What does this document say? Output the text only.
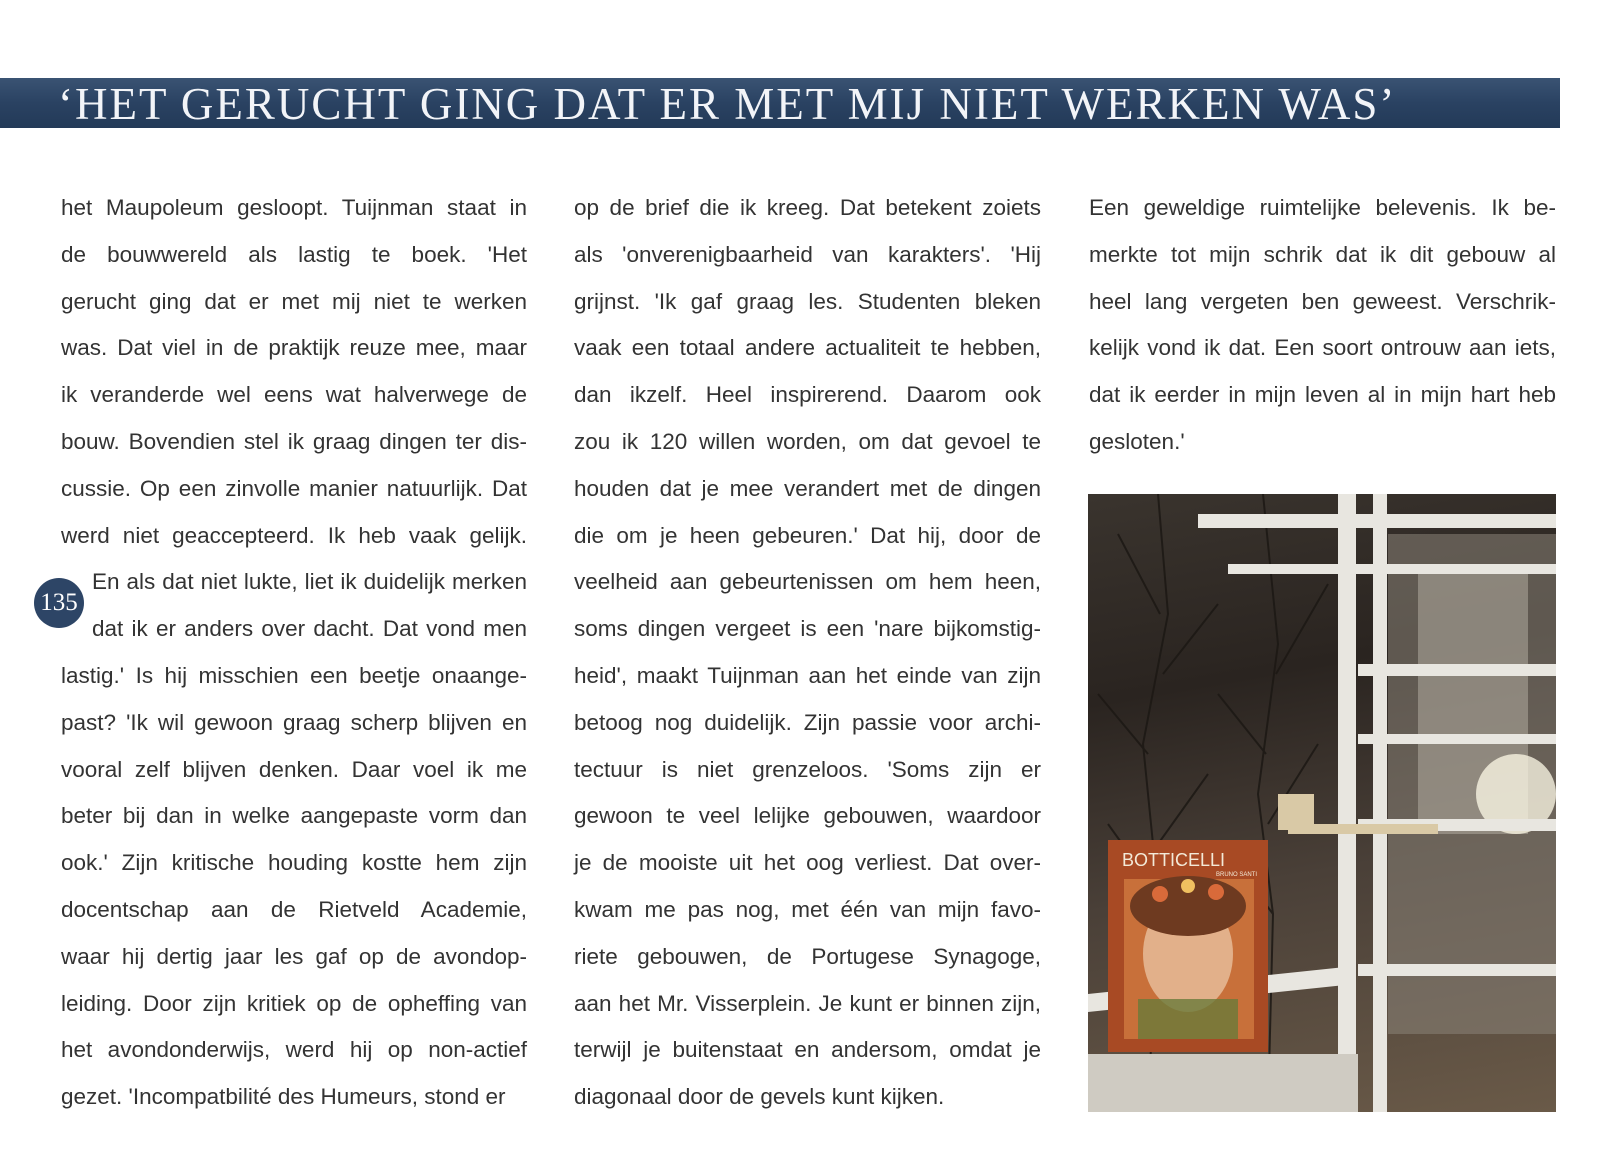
‘HET GERUCHT GING DAT ER MET MIJ NIET WERKEN WAS’
het Maupoleum gesloopt. Tuijnman staat in
de bouwwereld als lastig te boek. 'Het
gerucht ging dat er met mij niet te werken
was. Dat viel in de praktijk reuze mee, maar
ik veranderde wel eens wat halverwege de
bouw. Bovendien stel ik graag dingen ter dis-
cussie. Op een zinvolle manier natuurlijk. Dat
werd niet geaccepteerd. Ik heb vaak gelijk.
En als dat niet lukte, liet ik duidelijk merken
dat ik er anders over dacht. Dat vond men
lastig.' Is hij misschien een beetje onaange-
past? 'Ik wil gewoon graag scherp blijven en
vooral zelf blijven denken. Daar voel ik me
beter bij dan in welke aangepaste vorm dan
ook.' Zijn kritische houding kostte hem zijn
docentschap aan de Rietveld Academie,
waar hij dertig jaar les gaf op de avondop-
leiding. Door zijn kritiek op de opheffing van
het avondonderwijs, werd hij op non-actief
gezet. 'Incompatbilité des Humeurs, stond er
op de brief die ik kreeg. Dat betekent zoiets
als 'onverenigbaarheid van karakters'. 'Hij
grijnst. 'Ik gaf graag les. Studenten bleken
vaak een totaal andere actualiteit te hebben,
dan ikzelf. Heel inspirerend. Daarom ook
zou ik 120 willen worden, om dat gevoel te
houden dat je mee verandert met de dingen
die om je heen gebeuren.' Dat hij, door de
veelheid aan gebeurtenissen om hem heen,
soms dingen vergeet is een 'nare bijkomstig-
heid', maakt Tuijnman aan het einde van zijn
betoog nog duidelijk. Zijn passie voor archi-
tectuur is niet grenzeloos. 'Soms zijn er
gewoon te veel lelijke gebouwen, waardoor
je de mooiste uit het oog verliest. Dat over-
kwam me pas nog, met één van mijn favo-
riete gebouwen, de Portugese Synagoge,
aan het Mr. Visserplein. Je kunt er binnen zijn,
terwijl je buitenstaat en andersom, omdat je
diagonaal door de gevels kunt kijken.
Een geweldige ruimtelijke belevenis. Ik be-
merkte tot mijn schrik dat ik dit gebouw al
heel lang vergeten ben geweest. Verschrik-
kelijk vond ik dat. Een soort ontrouw aan iets,
dat ik eerder in mijn leven al in mijn hart heb
gesloten.'
135
BOTTICELLI
BRUNO SANTI
